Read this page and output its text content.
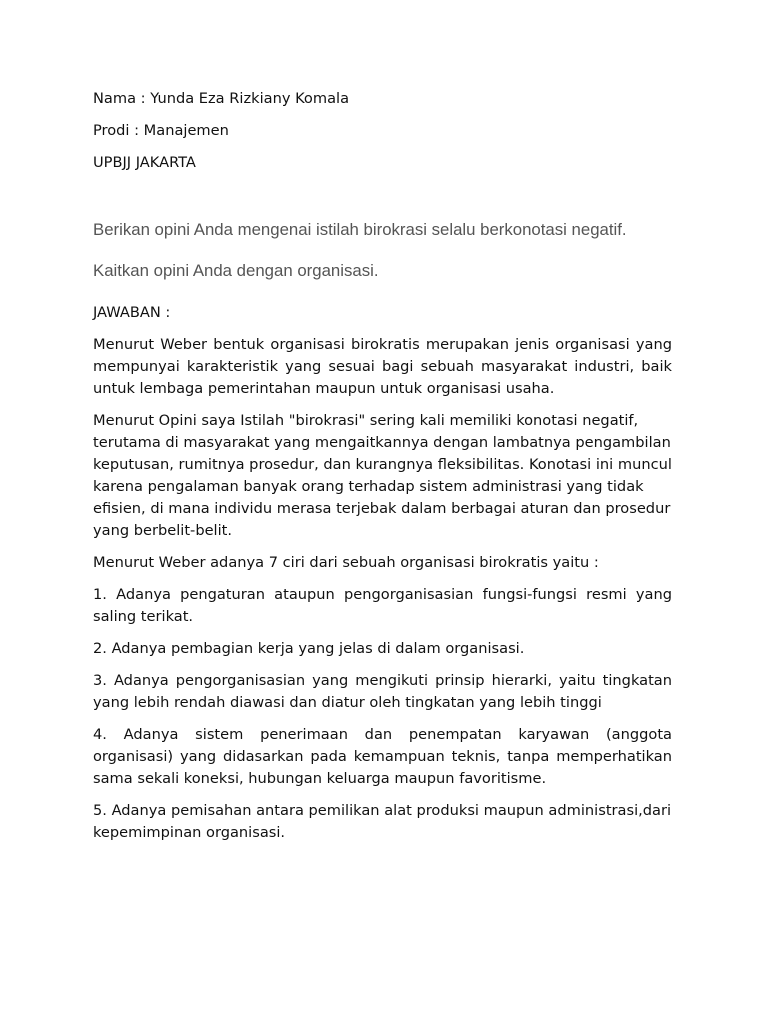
Nama : Yunda Eza Rizkiany Komala

Prodi : Manajemen

UPBJJ JAKARTA

Berikan opini Anda mengenai istilah birokrasi selalu berkonotasi negatif.

Kaitkan opini Anda dengan organisasi.

JAWABAN :

Menurut Weber bentuk organisasi birokratis merupakan jenis organisasi yang mempunyai karakteristik yang sesuai bagi sebuah masyarakat industri, baik untuk lembaga pemerintahan maupun untuk organisasi usaha.

Menurut Opini saya Istilah "birokrasi" sering kali memiliki konotasi negatif, terutama di masyarakat yang mengaitkannya dengan lambatnya pengambilan keputusan, rumitnya prosedur, dan kurangnya fleksibilitas. Konotasi ini muncul karena pengalaman banyak orang terhadap sistem administrasi yang tidak efisien, di mana individu merasa terjebak dalam berbagai aturan dan prosedur yang berbelit-belit.

Menurut Weber adanya 7 ciri dari sebuah organisasi birokratis yaitu :

1. Adanya pengaturan ataupun pengorganisasian fungsi-fungsi resmi yang saling terikat.

2. Adanya pembagian kerja yang jelas di dalam organisasi.

3. Adanya pengorganisasian yang mengikuti prinsip hierarki, yaitu tingkatan yang lebih rendah diawasi dan diatur oleh tingkatan yang lebih tinggi

4. Adanya sistem penerimaan dan penempatan karyawan (anggota organisasi) yang didasarkan pada kemampuan teknis, tanpa memperhatikan sama sekali koneksi, hubungan keluarga maupun favoritisme.

5. Adanya pemisahan antara pemilikan alat produksi maupun administrasi,dari kepemimpinan organisasi.
